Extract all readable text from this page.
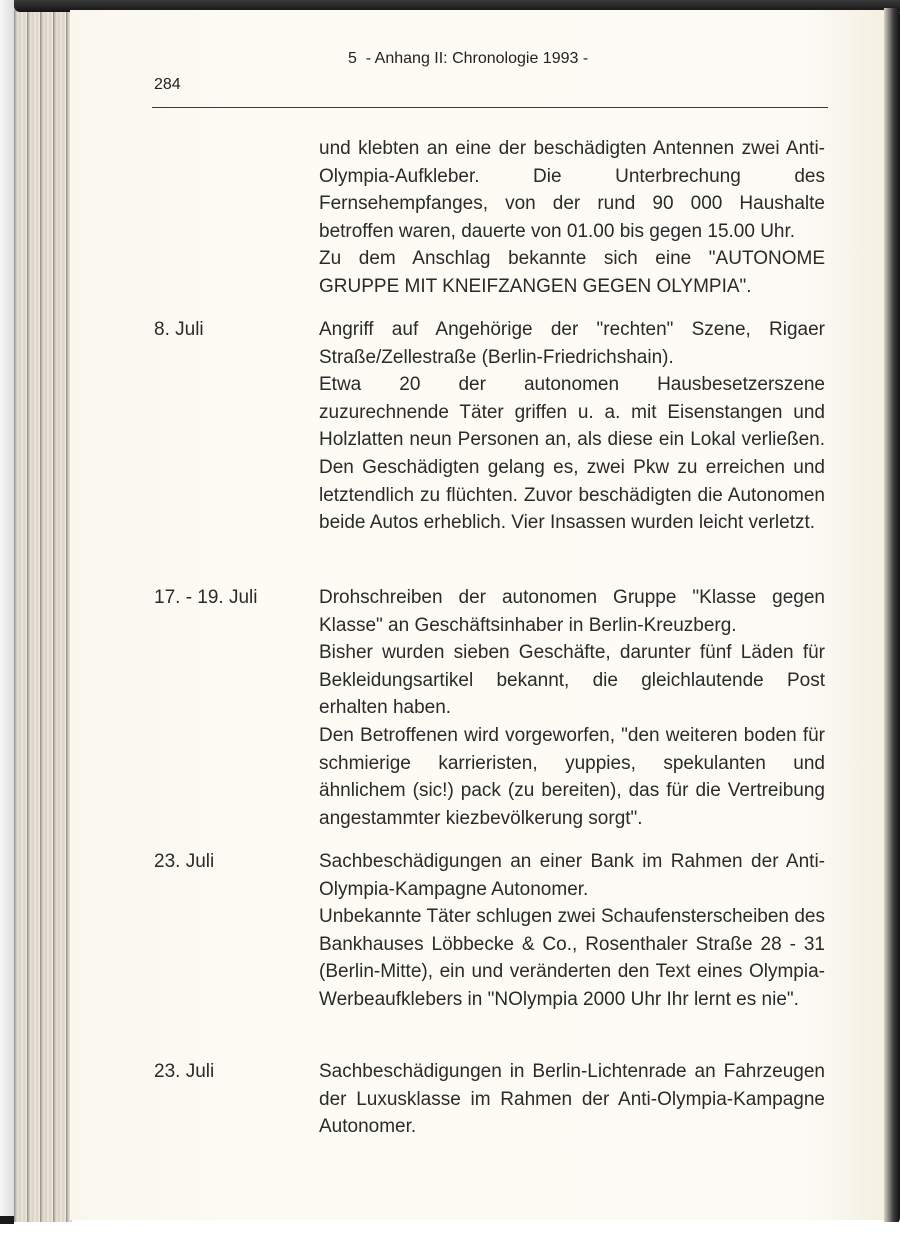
284
5  - Anhang II: Chronologie 1993 -

und klebten an eine der beschädigten Antennen zwei Anti-Olympia-Aufkleber. Die Unterbrechung des Fernsehempfanges, von der rund 90 000 Haushalte betroffen waren, dauerte von 01.00 bis gegen 15.00 Uhr.

Zu dem Anschlag bekannte sich eine "AUTONOME GRUPPE MIT KNEIFZANGEN GEGEN OLYMPIA".

8. Juli	Angriff auf Angehörige der "rechten" Szene, Rigaer Straße/Zellestraße (Berlin-Friedrichshain).

Etwa 20 der autonomen Hausbesetzerszene zuzurechnende Täter griffen u. a. mit Eisenstangen und Holzlatten neun Personen an, als diese ein Lokal verließen. Den Geschädigten gelang es, zwei Pkw zu erreichen und letztendlich zu flüchten. Zuvor beschädigten die Autonomen beide Autos erheblich. Vier Insassen wurden leicht verletzt.

17. - 19. Juli	Drohschreiben der autonomen Gruppe "Klasse gegen Klasse" an Geschäftsinhaber in Berlin-Kreuzberg.

Bisher wurden sieben Geschäfte, darunter fünf Läden für Bekleidungsartikel bekannt, die gleichlautende Post erhalten haben.

Den Betroffenen wird vorgeworfen, "den weiteren boden für schmierige karrieristen, yuppies, spekulanten und ähnlichem (sic!) pack (zu bereiten), das für die Vertreibung angestammter kiezbevölkerung sorgt".

23. Juli	Sachbeschädigungen an einer Bank im Rahmen der Anti-Olympia-Kampagne Autonomer.

Unbekannte Täter schlugen zwei Schaufensterscheiben des Bankhauses Löbbecke & Co., Rosenthaler Straße 28 - 31 (Berlin-Mitte), ein und veränderten den Text eines Olympia-Werbeaufklebers in "NOlympia 2000 Uhr Ihr lernt es nie".

23. Juli	Sachbeschädigungen in Berlin-Lichtenrade an Fahrzeugen der Luxusklasse im Rahmen der Anti-Olympia-Kampagne Autonomer.
